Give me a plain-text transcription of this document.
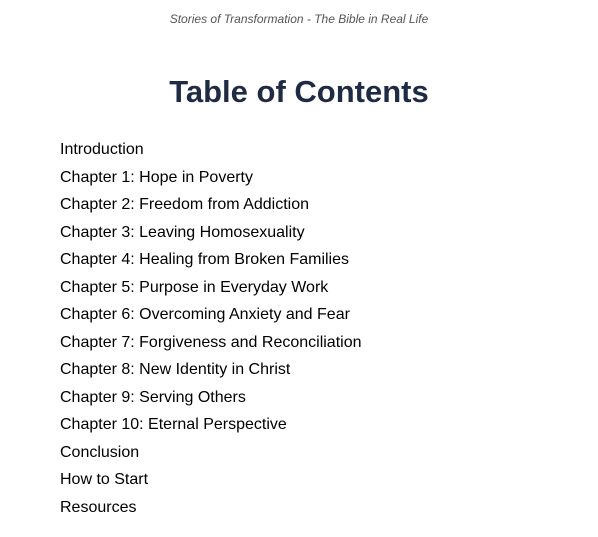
Stories of Transformation - The Bible in Real Life

Table of Contents
Introduction
Chapter 1: Hope in Poverty
Chapter 2: Freedom from Addiction
Chapter 3: Leaving Homosexuality
Chapter 4: Healing from Broken Families
Chapter 5: Purpose in Everyday Work
Chapter 6: Overcoming Anxiety and Fear
Chapter 7: Forgiveness and Reconciliation
Chapter 8: New Identity in Christ
Chapter 9: Serving Others
Chapter 10: Eternal Perspective
Conclusion
How to Start
Resources
